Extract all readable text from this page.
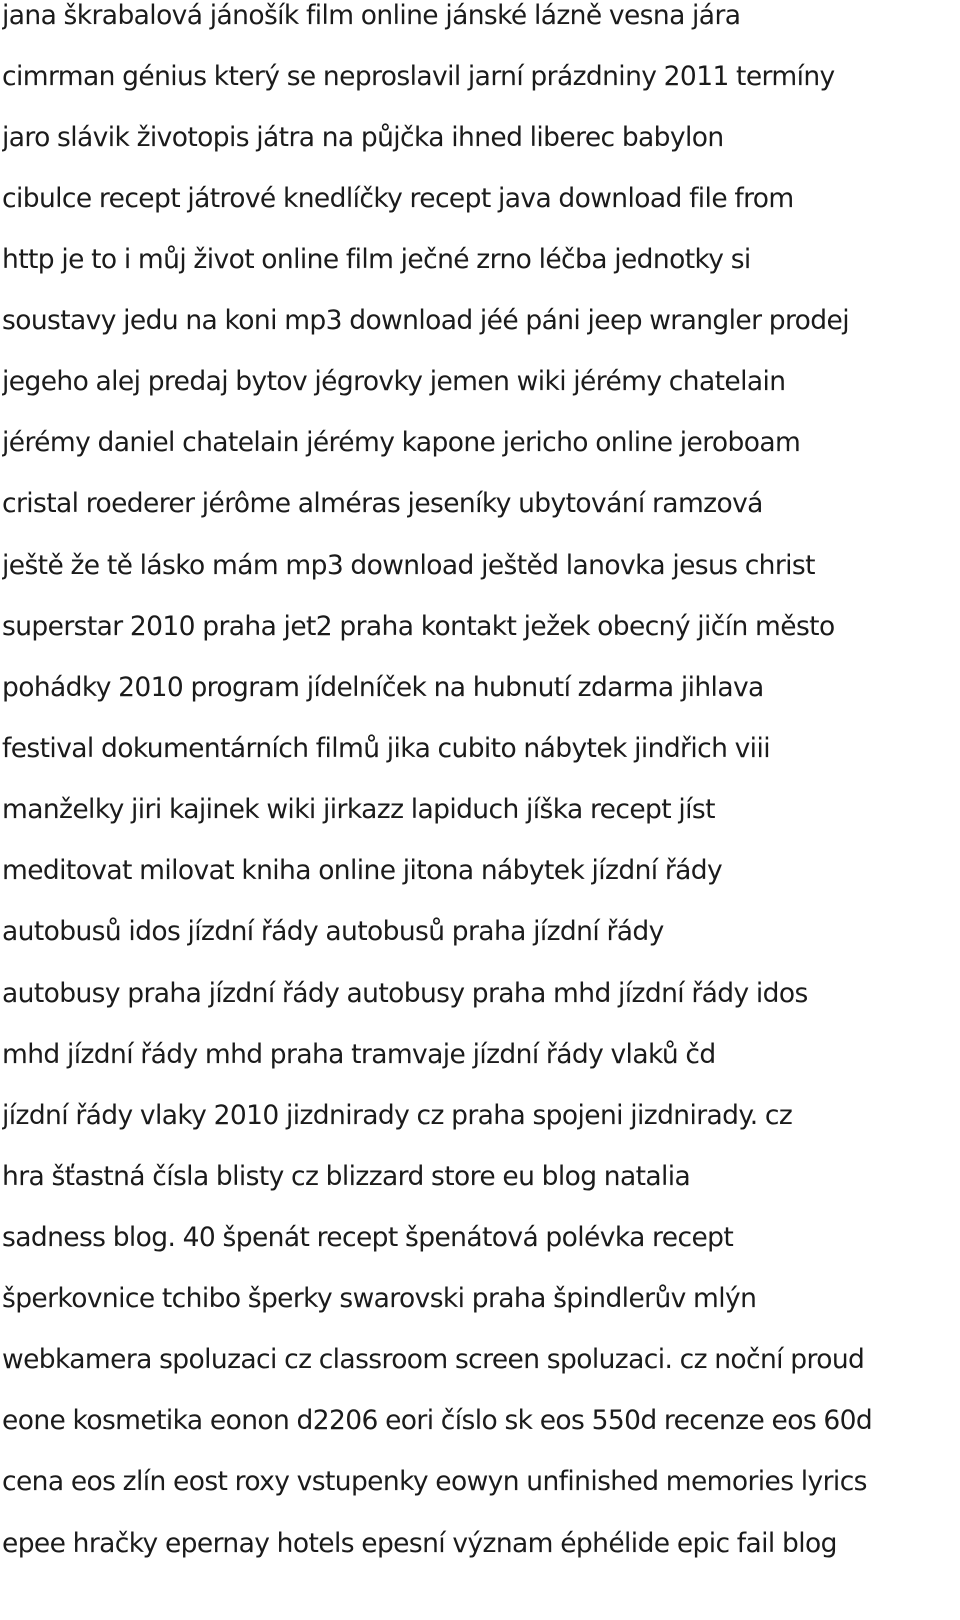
jana škrabalová jánošík film online jánské lázně vesna jára
cimrman génius který se neproslavil jarní prázdniny 2011 termíny
jaro slávik životopis játra na půjčka ihned liberec babylon
cibulce recept játrové knedlíčky recept java download file from
http je to i můj život online film ječné zrno léčba jednotky si
soustavy jedu na koni mp3 download jéé páni jeep wrangler prodej
jegeho alej predaj bytov jégrovky jemen wiki jérémy chatelain
jérémy daniel chatelain jérémy kapone jericho online jeroboam
cristal roederer jérôme alméras jeseníky ubytování ramzová
ještě že tě lásko mám mp3 download ještěd lanovka jesus christ
superstar 2010 praha jet2 praha kontakt ježek obecný jičín město
pohádky 2010 program jídelníček na hubnutí zdarma jihlava
festival dokumentárních filmů jika cubito nábytek jindřich viii
manželky jiri kajinek wiki jirkazz lapiduch jíška recept jíst
meditovat milovat kniha online jitona nábytek jízdní řády
autobusů idos jízdní řády autobusů praha jízdní řády
autobusy praha jízdní řády autobusy praha mhd jízdní řády idos
mhd jízdní řády mhd praha tramvaje jízdní řády vlaků čd
jízdní řády vlaky 2010 jizdnirady cz praha spojeni jizdnirady. cz
hra šťastná čísla blisty cz blizzard store eu blog natalia
sadness blog. 40 špenát recept špenátová polévka recept
šperkovnice tchibo šperky swarovski praha špindlerův mlýn
webkamera spoluzaci cz classroom screen spoluzaci. cz noční proud
eone kosmetika eonon d2206 eori číslo sk eos 550d recenze eos 60d
cena eos zlín eost roxy vstupenky eowyn unfinished memories lyrics
epee hračky epernay hotels epesní význam éphélide epic fail blog
